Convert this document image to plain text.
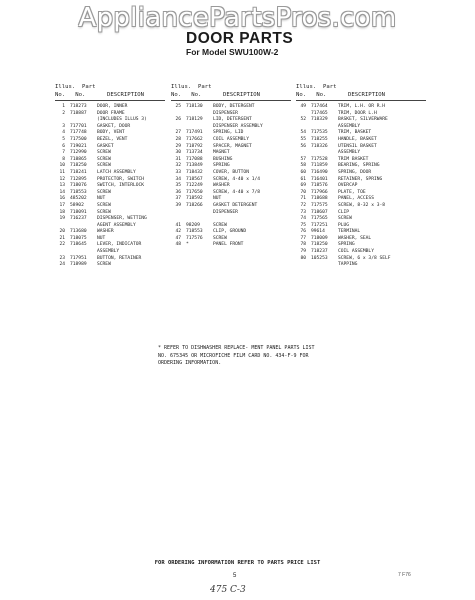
AppliancePartsPros.com
DOOR PARTS
For Model SWU100W-2
Illus. Part
No. No.	DESCRIPTION
1 718273 DOOR, INNER
2 718887 DOOR FRAME
(INCLUDES ILLUS 3)
3 717701 GASKET, DOOR
4 717748 BODY, VENT
5 717500 BEZEL, VENT
6 719021 GASKET
7 712990 SCREW
8 718865 SCREW
10 718250 SCREW
11 718241 LATCH ASSEMBLY
12 712895 PROTECTOR, SWITCH
13 718076 SWITCH, INTERLOCK
14 718553 SCREW
16 485202 NUT
17 58902	SCREW
18 718091 SCREW
19 716237 DISPENSER, WETTING
AGENT ASSEMBLY
20 713680 WASHER
21 718075 NUT
22 718645 LEVER, INDICATOR
ASSEMBLY
23 717951 BUTTON, RETAINER
24 718989 SCREW
Illus. Part
No. No.	DESCRIPTION
25 718130 BODY, DETERGENT
DISPENSER
26 718129 LID, DETERGENT
DISPENSER ASSEMBLY
27 717491 SPRING, LID
28 717662 COIL ASSEMBLY
29 718792 SPACER, MAGNET
30 713734 MAGNET
31 717088 BUSHING
32 713849 SPRING
33 718432 COVER, BUTTON
34 718567 SCREW, 4-40 x 1/4
35 712249 WASHER
36 717650 SCREW, 4-40 x 7/8
37 718592 NUT
39 718266 GASKET DETERGENT
DISPENSER
41 98209	SCREW
42 718553 CLIP, GROUND
47 717576 SCREW
48 *	PANEL FRONT
Illus. Part
No. No.	DESCRIPTION
49 717464 TRIM, L.H. OR R.H
717465 TRIM, DOOR L.H
52 718329 BASKET, SILVERWARE
ASSEMBLY
54 717535 TRIM, BASKET
55 718255 HANDLE, BASKET
56 718326 UTENSIL BASKET
ASSEMBLY
57 717528 TRIM BASKET
58 711859 BEARING, SPRING
60 716490 SPRING, DOOR
61 716401 RETAINER, SPRING
69 718576 OVERCAP
70 717966 PLATE, TOE
71 718688 PANEL, ACCESS
72 717575 SCREW, 8-32 x 3-8
73 718607 CLIP
74 717565 SCREW
75 717251 PLUG
76 99614	TERMINAL
77 718009 WASHER, SEAL
78 718250 SPRING
79 718237 COIL ASSEMBLY
80 105253 SCREW, 6 x 3/8 SELF
TAPPING
* REFER TO DISHWASHER REPLACE- MENT PANEL PARTS LIST NO. 675345 OR MICROFICHE FILM CARD NO. 434-F-9 FOR ORDERING INFORMATION.
FOR ORDERING INFORMATION REFER TO PARTS PRICE LIST
5	7 F76
475 C-3
